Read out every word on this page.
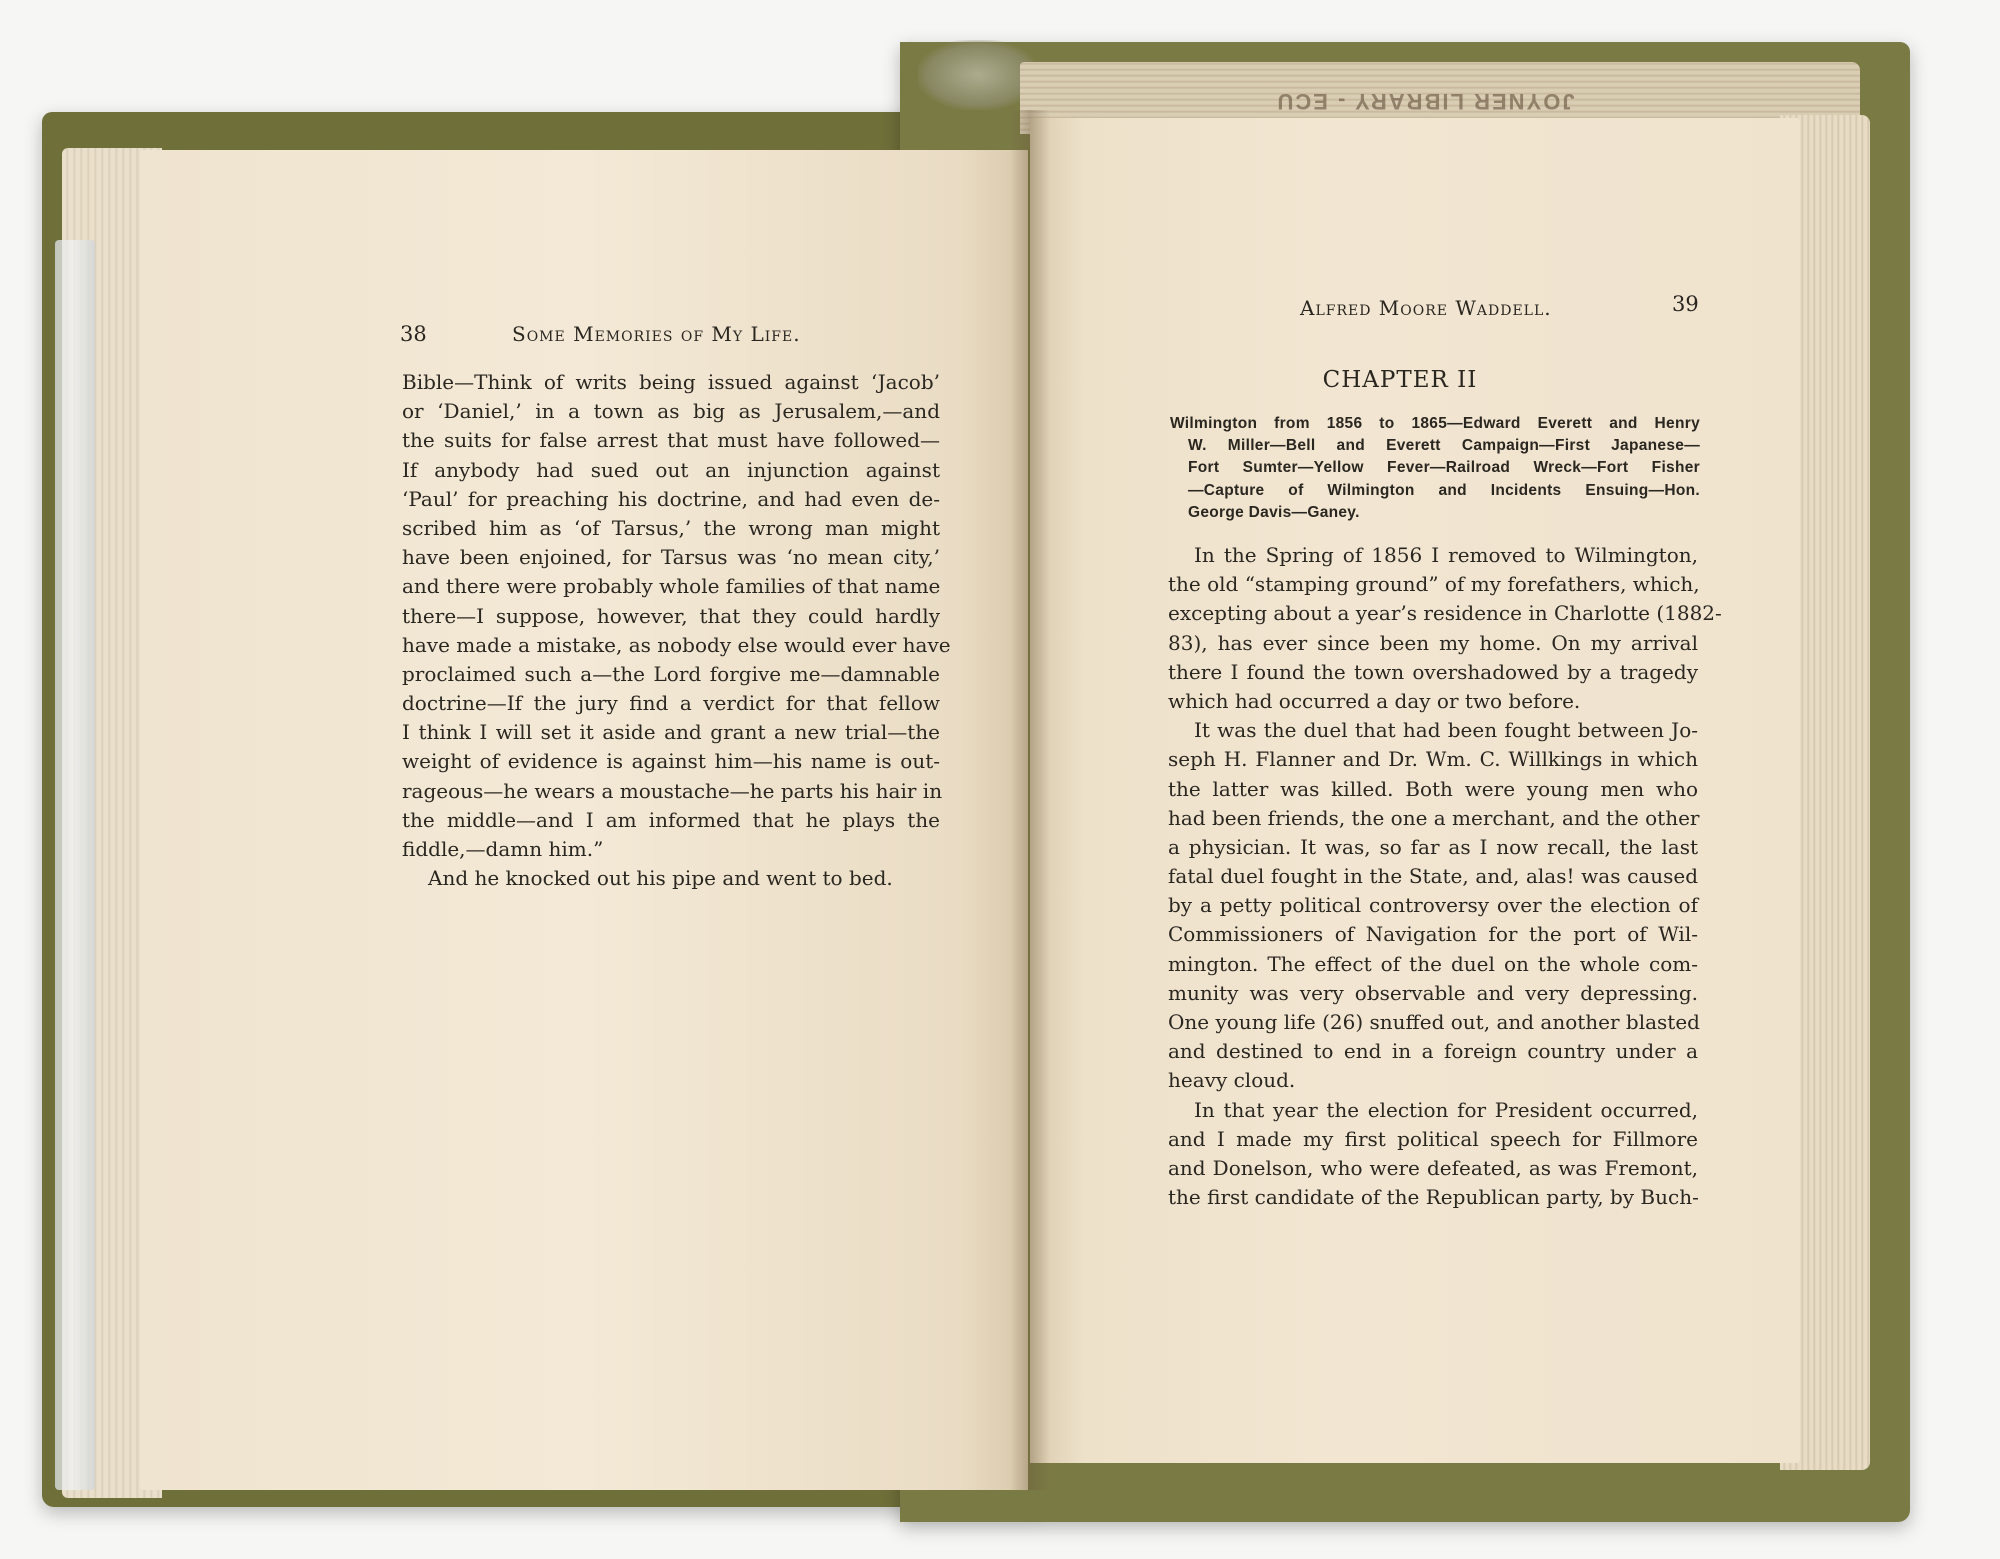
JOYNER LIBRARY - ECU
38	Some Memories of My Life.
Bible—Think of writs being issued against ‘Jacob’
or ‘Daniel,’ in a town as big as Jerusalem,—and
the suits for false arrest that must have followed—
If anybody had sued out an injunction against
‘Paul’ for preaching his doctrine, and had even de-
scribed him as ‘of Tarsus,’ the wrong man might
have been enjoined, for Tarsus was ‘no mean city,’
and there were probably whole families of that name
there—I suppose, however, that they could hardly
have made a mistake, as nobody else would ever have
proclaimed such a—the Lord forgive me—damnable
doctrine—If the jury find a verdict for that fellow
I think I will set it aside and grant a new trial—the
weight of evidence is against him—his name is out-
rageous—he wears a moustache—he parts his hair in
the middle—and I am informed that he plays the
fiddle,—damn him.”
And he knocked out his pipe and went to bed.
Alfred Moore Waddell.	39
CHAPTER II
Wilmington from 1856 to 1865—Edward Everett and Henry
W. Miller—Bell and Everett Campaign—First Japanese—
Fort Sumter—Yellow Fever—Railroad Wreck—Fort Fisher
—Capture of Wilmington and Incidents Ensuing—Hon.
George Davis—Ganey.
In the Spring of 1856 I removed to Wilmington,
the old “stamping ground” of my forefathers, which,
excepting about a year’s residence in Charlotte (1882-
83), has ever since been my home. On my arrival
there I found the town overshadowed by a tragedy
which had occurred a day or two before.
It was the duel that had been fought between Jo-
seph H. Flanner and Dr. Wm. C. Willkings in which
the latter was killed. Both were young men who
had been friends, the one a merchant, and the other
a physician. It was, so far as I now recall, the last
fatal duel fought in the State, and, alas! was caused
by a petty political controversy over the election of
Commissioners of Navigation for the port of Wil-
mington. The effect of the duel on the whole com-
munity was very observable and very depressing.
One young life (26) snuffed out, and another blasted
and destined to end in a foreign country under a
heavy cloud.
In that year the election for President occurred,
and I made my first political speech for Fillmore
and Donelson, who were defeated, as was Fremont,
the first candidate of the Republican party, by Buch-
